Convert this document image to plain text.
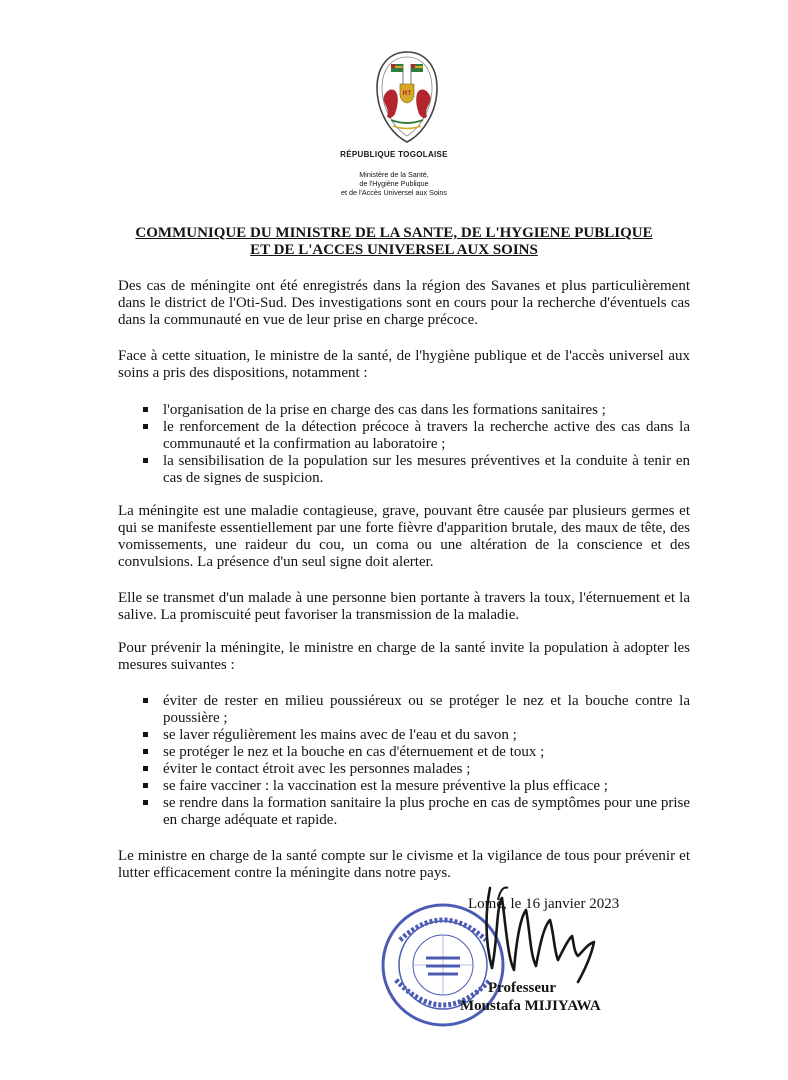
RT
RÉPUBLIQUE TOGOLAISE
Ministère de la Santé,
de l'Hygiène Publique
et de l'Accès Universel aux Soins
COMMUNIQUE DU MINISTRE DE LA SANTE, DE L'HYGIENE PUBLIQUE
ET DE L'ACCES UNIVERSEL AUX SOINS
Des cas de méningite ont été enregistrés dans la région des Savanes et plus particulièrement dans le district de l'Oti-Sud. Des investigations sont en cours pour la recherche d'éventuels cas dans la communauté en vue de leur prise en charge précoce.
Face à cette situation, le ministre de la santé, de l'hygiène publique et de l'accès universel aux soins a pris des dispositions, notamment :
l'organisation de la prise en charge des cas dans les formations sanitaires ;
le renforcement de la détection précoce à travers la recherche active des cas dans la communauté et la confirmation au laboratoire ;
la sensibilisation de la population sur les mesures préventives et la conduite à tenir en cas de signes de suspicion.
La méningite est une maladie contagieuse, grave, pouvant être causée par plusieurs germes et qui se manifeste essentiellement par une forte fièvre d'apparition brutale, des maux de tête, des vomissements, une raideur du cou, un coma ou une altération de la conscience et des convulsions. La présence d'un seul signe doit alerter.
Elle se transmet d'un malade à une personne bien portante à travers la toux, l'éternuement et la salive. La promiscuité peut favoriser la transmission de la maladie.
Pour prévenir la méningite, le ministre en charge de la santé invite la population à adopter les mesures suivantes :
éviter de rester en milieu poussiéreux ou se protéger le nez et la bouche contre la poussière ;
se laver régulièrement les mains avec de l'eau et du savon ;
se protéger le nez et la bouche en cas d'éternuement et de toux ;
éviter le contact étroit avec les personnes malades ;
se faire vacciner : la vaccination est la mesure préventive la plus efficace ;
se rendre dans la formation sanitaire la plus proche en cas de symptômes pour une prise en charge adéquate et rapide.
Le ministre en charge de la santé compte sur le civisme et la vigilance de tous pour prévenir et lutter efficacement contre la méningite dans notre pays.
Lomé, le 16 janvier 2023
Professeur
Moustafa MIJIYAWA
